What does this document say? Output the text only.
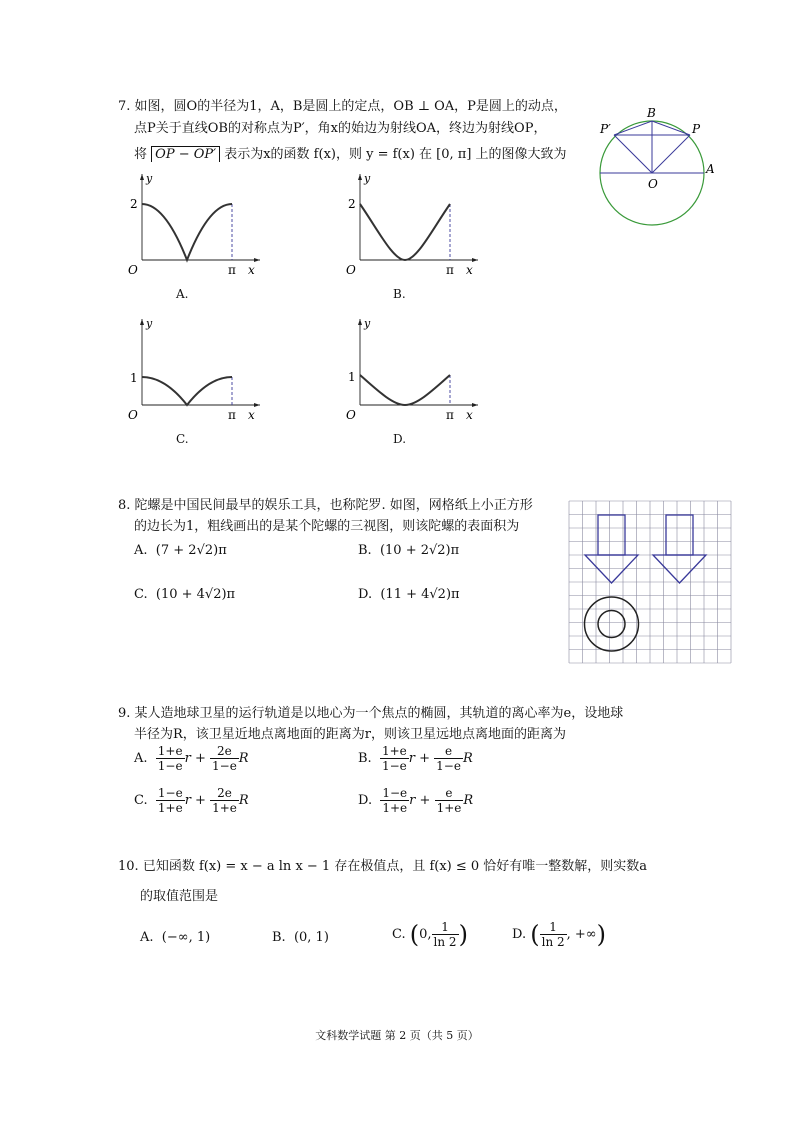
7. 如图，圆O的半径为1，A，B是圆上的定点，OB ⊥ OA，P是圆上的动点，
点P关于直线OB的对称点为P′，角x的始边为射线OA，终边为射线OP，
将 OP − OP′ 表示为x的函数 f(x)，则 y = f(x) 在 [0, π] 上的图像大致为
B
P
P′
O
A
y
2
O	π x
A.
y
2
O	π x
B.
y
1
O	π x
C.
y
1
O	π x
D.
8. 陀螺是中国民间最早的娱乐工具，也称陀罗. 如图，网格纸上小正方形
的边长为1，粗线画出的是某个陀螺的三视图，则该陀螺的表面积为
A. (7 + 2√2)π	B. (10 + 2√2)π
C. (10 + 4√2)π	D. (11 + 4√2)π
9. 某人造地球卫星的运行轨道是以地心为一个焦点的椭圆，其轨道的离心率为e，设地球
半径为R，该卫星近地点离地面的距离为r，则该卫星远地点离地面的距离为
A. $\frac{1+e}{1-e}$ $r + \frac{2e}{1-e}$ R	B. $\frac{1+e}{1-e}$ $r + \frac{e}{1-e}$ R
C. $\frac{1-e}{1+e}$ $r + \frac{2e}{1+e}$ R	D. $\frac{1-e}{1+e}$ $r + \frac{e}{1+e}$ R
10. 已知函数 f(x) = x − a ln x − 1 存在极值点，且 f(x) ≤ 0 恰好有唯一整数解，则实数a
的取值范围是
A. (−∞, 1)	B. (0, 1)	C. (0, $\frac{1}{\ln 2}$ )	D. ( $\frac{1}{\ln 2}$ , +∞)
文科数学试题 第 2 页（共 5 页）
